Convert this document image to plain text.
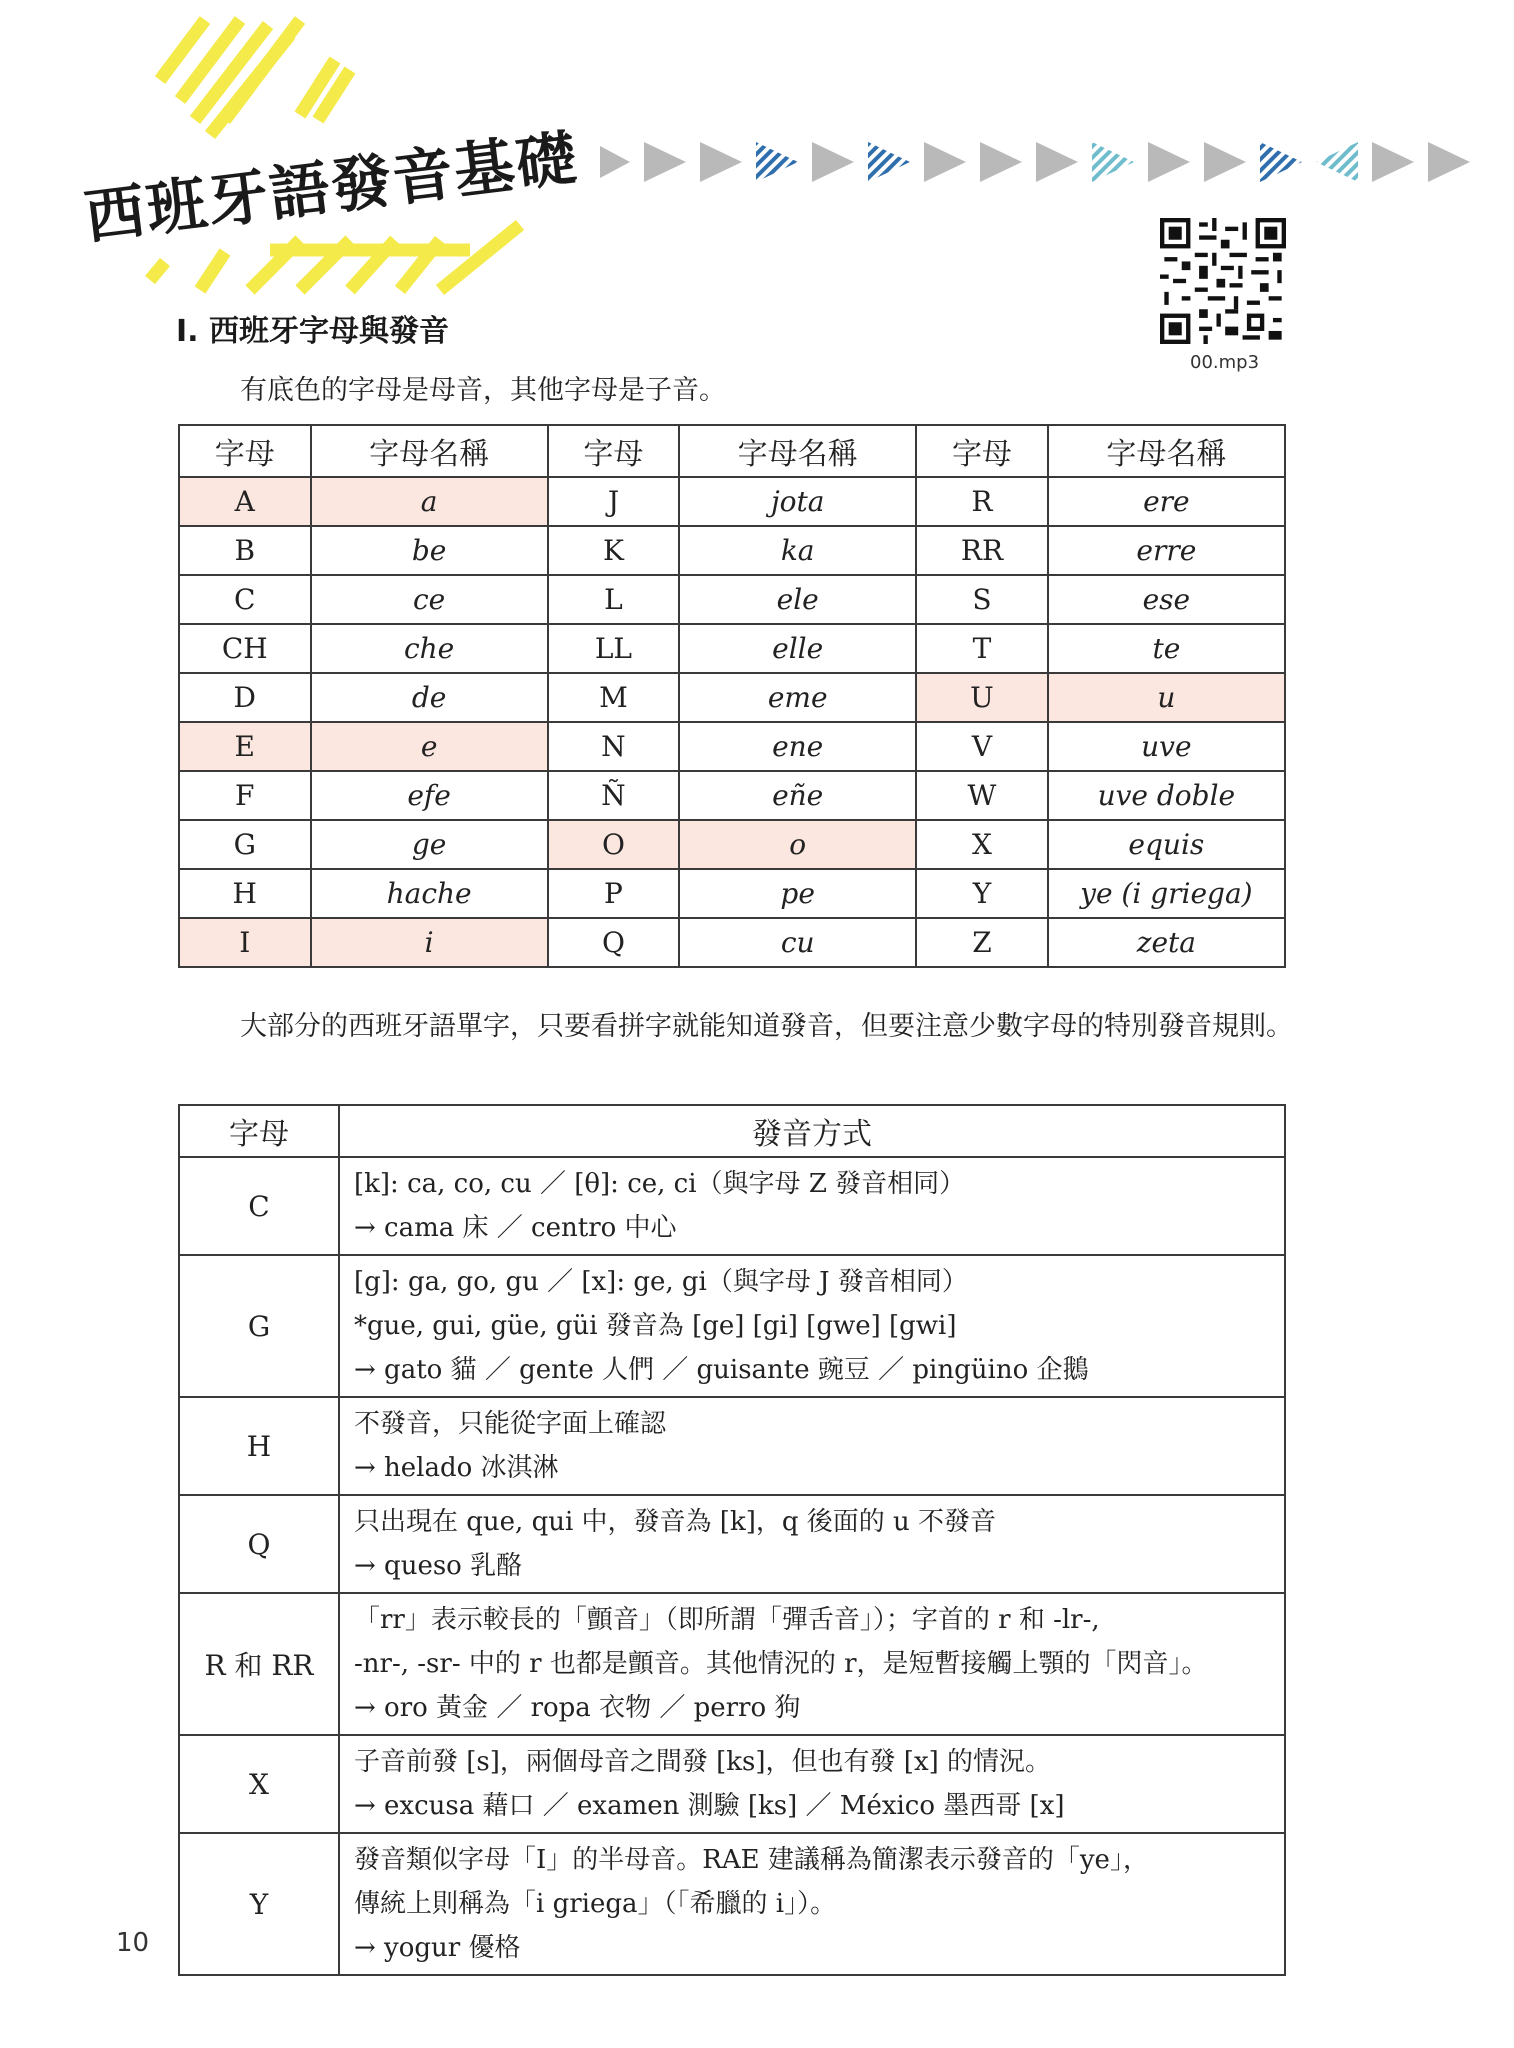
西班牙語發音基礎
00.mp3
I. 西班牙字母與發音
有底色的字母是母音，其他字母是子音。
字母	字母名稱	字母	字母名稱	字母	字母名稱
A	a	J	jota	R	ere
B	be	K	ka	RR	erre
C	ce	L	ele	S	ese
CH	che	LL	elle	T	te
D	de	M	eme	U	u
E	e	N	ene	V	uve
F	efe	Ñ	eñe	W	uve doble
G	ge	O	o	X	equis
H	hache	P	pe	Y	ye (i griega)
I	i	Q	cu	Z	zeta
大部分的西班牙語單字，只要看拼字就能知道發音，但要注意少數字母的特別發音規則。
字母	發音方式
C	[k]: ca, co, cu ／ [θ]: ce, ci（與字母 Z 發音相同）
→ cama 床 ／ centro 中心

G	[g]: ga, go, gu ／ [x]: ge, gi（與字母 J 發音相同）
*gue, gui, güe, güi 發音為 [ge] [gi] [gwe] [gwi]
→ gato 貓 ／ gente 人們 ／ guisante 豌豆 ／ pingüino 企鵝

H	不發音，只能從字面上確認
→ helado 冰淇淋

Q	只出現在 que, qui 中，發音為 [k]，q 後面的 u 不發音
→ queso 乳酪

R 和 RR	「rr」表示較長的「顫音」（即所謂「彈舌音」）；字首的 r 和 -lr-,
-nr-, -sr- 中的 r 也都是顫音。其他情況的 r，是短暫接觸上顎的「閃音」。
→ oro 黃金 ／ ropa 衣物 ／ perro 狗

X	子音前發 [s]，兩個母音之間發 [ks]，但也有發 [x] 的情況。
→ excusa 藉口 ／ examen 測驗 [ks] ／ México 墨西哥 [x]

Y	發音類似字母「I」的半母音。RAE 建議稱為簡潔表示發音的「ye」，
傳統上則稱為「i griega」（「希臘的 i」）。
→ yogur 優格
10
